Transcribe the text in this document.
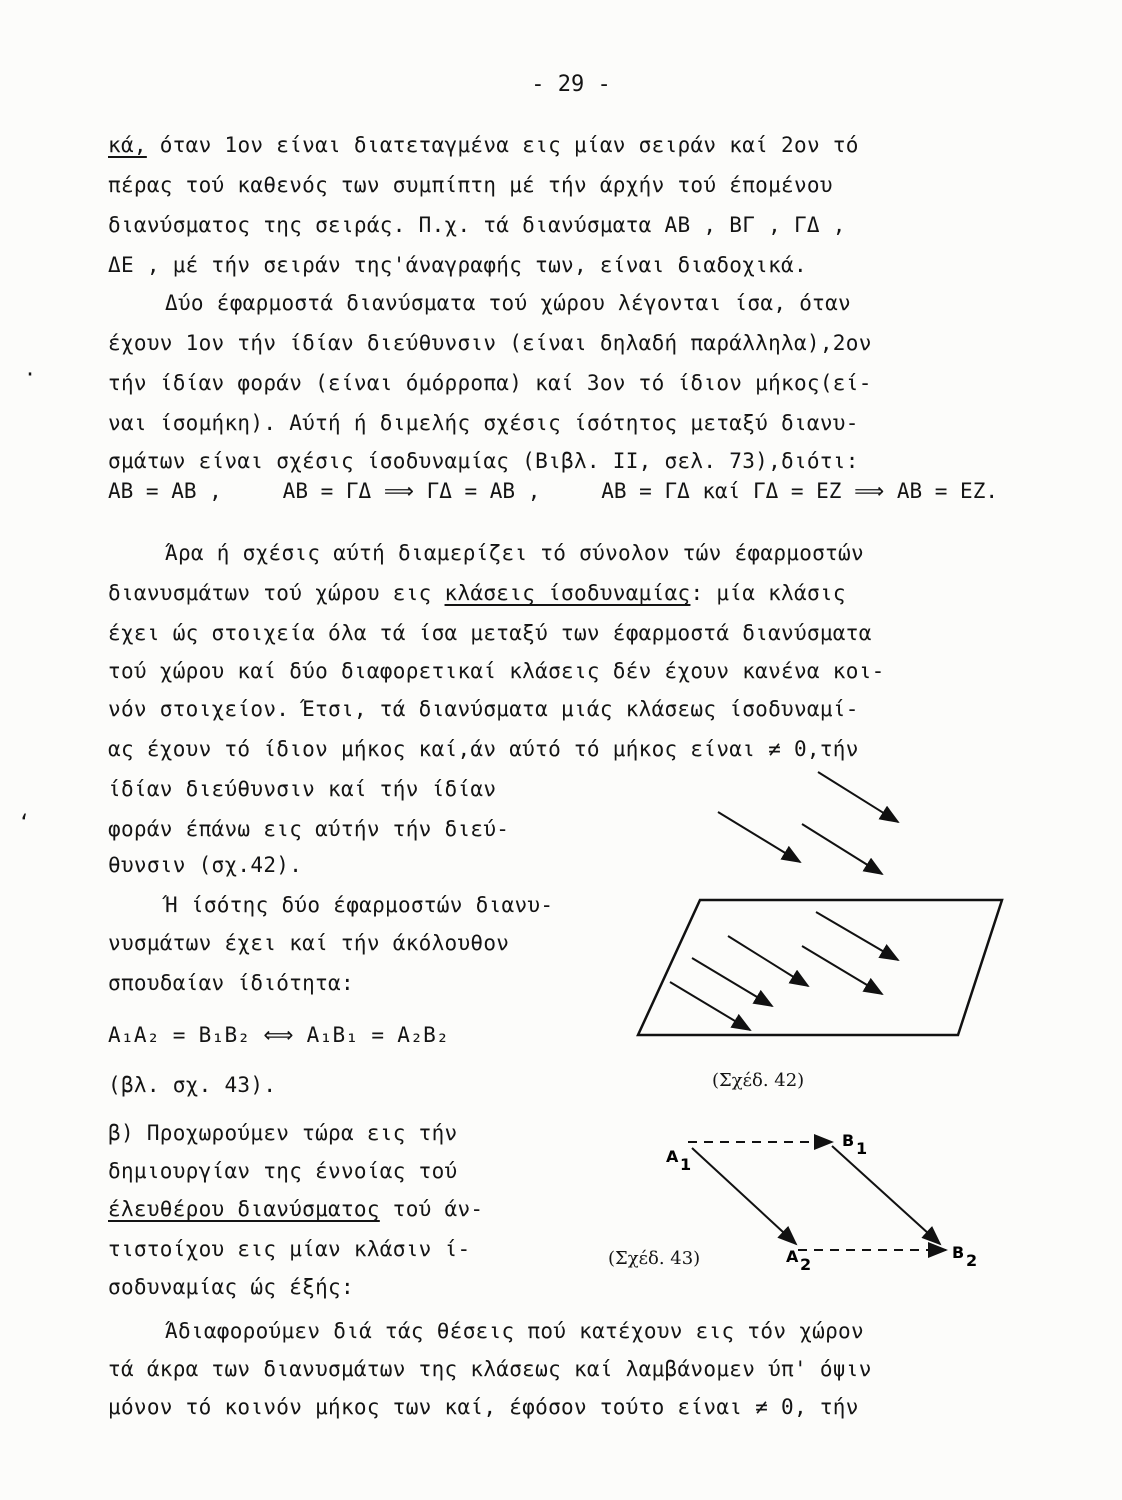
- 29 -
κά, όταν 1ον είναι διατεταγμένα εις μίαν σειράν καί 2ον τό
πέρας τού καθενός των συμπίπτη μέ τήν άρχήν τού έπομένου
διανύσματος της σειράς. Π.χ. τά διανύσματα AB , BΓ , ΓΔ ,
ΔΕ , μέ τήν σειράν της'άναγραφής των, είναι διαδοχικά.
Δύο έφαρμοστά διανύσματα τού χώρου λέγονται ίσα, όταν
έχουν 1ον τήν ίδίαν διεύθυνσιν (είναι δηλαδή παράλληλα),2ον
τήν ίδίαν φοράν (είναι όμόρροπα) καί 3ον τό ίδιον μήκος(εί-
ναι ίσομήκη). Αύτή ή διμελής σχέσις ίσότητος μεταξύ διανυ-
σμάτων είναι σχέσις ίσοδυναμίας (Βιβλ. ΙΙ, σελ. 73),διότι:
AB = AB ,	AB = ΓΔ ⟹ ΓΔ = AB ,	AB = ΓΔ καί ΓΔ = EZ ⟹ AB = EZ.
Άρα ή σχέσις αύτή διαμερίζει τό σύνολον τών έφαρμοστών
διανυσμάτων τού χώρου εις κλάσεις ίσοδυναμίας: μία κλάσις
έχει ώς στοιχεία όλα τά ίσα μεταξύ των έφαρμοστά διανύσματα
τού χώρου καί δύο διαφορετικαί κλάσεις δέν έχουν κανένα κοι-
νόν στοιχείον. Έτσι, τά διανύσματα μιάς κλάσεως ίσοδυναμί-
ας έχουν τό ίδιον μήκος καί,άν αύτό τό μήκος είναι ≠ 0,τήν
ίδίαν διεύθυνσιν καί τήν ίδίαν
φοράν έπάνω εις αύτήν τήν διεύ-
θυνσιν (σχ.42).
Ή ίσότης δύο έφαρμοστών διανυ-
νυσμάτων έχει καί τήν άκόλουθον
σπουδαίαν ίδιότητα:
A₁A₂ = B₁B₂ ⟺ A₁B₁ = A₂B₂
(βλ. σχ. 43).
β) Προχωρούμεν τώρα εις τήν
δημιουργίαν της έννοίας τού
έλευθέρου διανύσματος τού άν-
τιστοίχου εις μίαν κλάσιν ί-
σοδυναμίας ώς έξής:
Άδιαφορούμεν διά τάς θέσεις πού κατέχουν εις τόν χώρον
τά άκρα των διανυσμάτων της κλάσεως καί λαμβάνομεν ύπ' όψιν
μόνον τό κοινόν μήκος των καί, έφόσον τούτο είναι ≠ 0, τήν
(Σχέδ. 42)
A 1
B 1
A 2
B 2
(Σχέδ. 43)
·
‘
